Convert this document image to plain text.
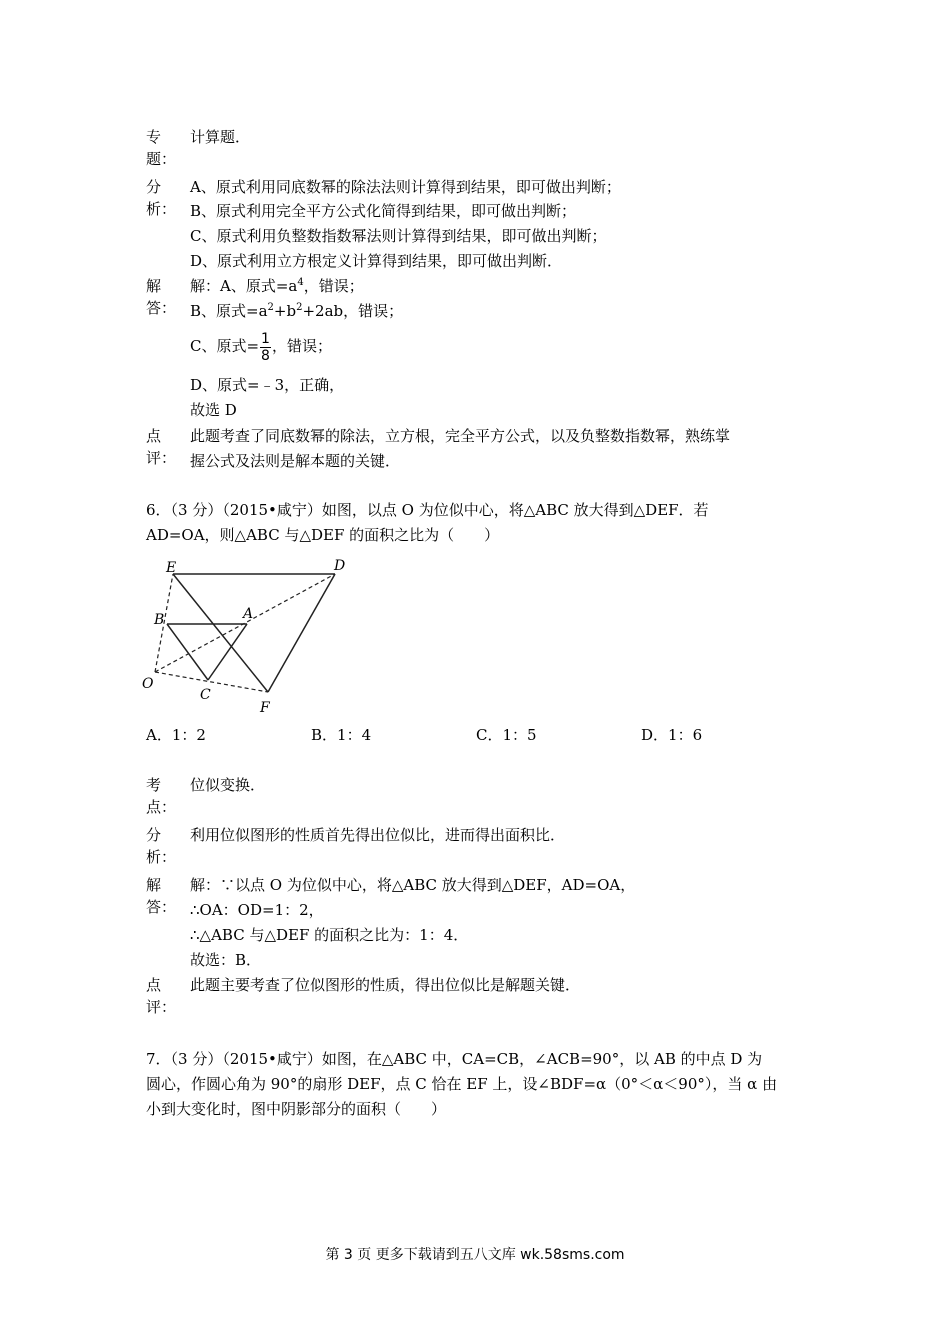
专
题：
计算题．
分
析：
A、原式利用同底数幂的除法法则计算得到结果，即可做出判断；
B、原式利用完全平方公式化简得到结果，即可做出判断；
C、原式利用负整数指数幂法则计算得到结果，即可做出判断；
D、原式利用立方根定义计算得到结果，即可做出判断．
解
答：
解：A、原式$=a^4$，错误；
B、原式$=a^2+b^2+2ab$，错误；
C、原式= $\frac{1}{8}$ ，错误；
D、原式=﹣3，正确，
故选 D
点
评：
此题考查了同底数幂的除法，立方根，完全平方公式，以及负整数指数幂，熟练掌
握公式及法则是解本题的关键．
6．（3 分）（2015•咸宁）如图，以点 O 为位似中心，将△ABC 放大得到△DEF．若
AD=OA，则△ABC 与△DEF 的面积之比为（　　）
E	D
B	A
O
C
F
A．1：2	B．1：4	C．1：5	D．1：6
考
点：
位似变换．
分
析：
利用位似图形的性质首先得出位似比，进而得出面积比．
解
答：
解：∵以点 O 为位似中心，将△ABC 放大得到△DEF，AD=OA，
∴OA：OD=1：2，
∴△ABC 与△DEF 的面积之比为：1：4．
故选：B．
点
评：
此题主要考查了位似图形的性质，得出位似比是解题关键．
7．（3 分）（2015•咸宁）如图，在△ABC 中，CA=CB，∠ACB=90°，以 AB 的中点 D 为
圆心，作圆心角为 90°的扇形 DEF，点 C 恰在 EF 上，设∠BDF=α（0°＜α＜90°），当 α 由
小到大变化时，图中阴影部分的面积（　　）
第 3 页 更多下载请到五八文库 wk.58sms.com
